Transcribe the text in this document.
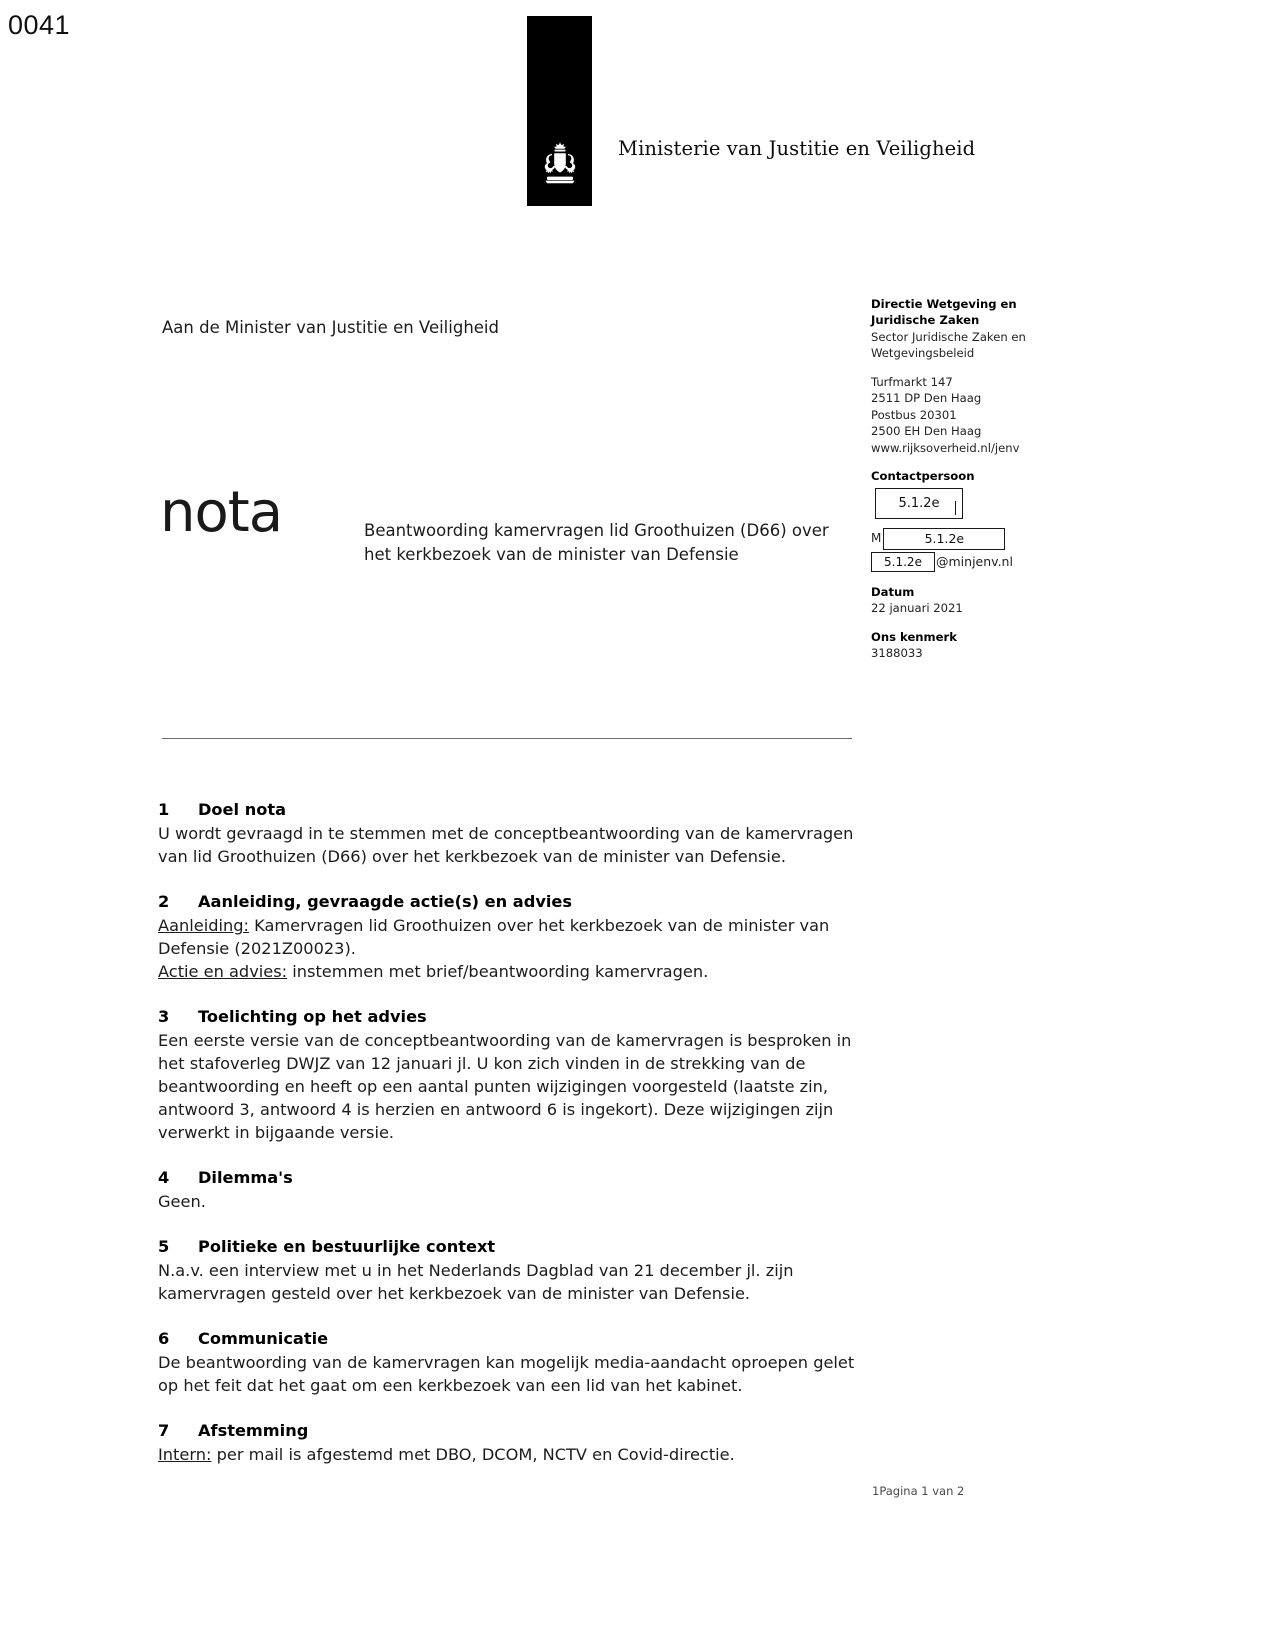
0041
Ministerie van Justitie en Veiligheid
Aan de Minister van Justitie en Veiligheid
nota	Beantwoording kamervragen lid Groothuizen (D66) over het kerkbezoek van de minister van Defensie
Directie Wetgeving en
Juridische Zaken
Sector Juridische Zaken en
Wetgevingsbeleid
Turfmarkt 147
2511 DP Den Haag
Postbus 20301
2500 EH Den Haag
www.rijksoverheid.nl/jenv
Contactpersoon
5.1.2e
M	5.1.2e
5.1.2e	@minjenv.nl
Datum
22 januari 2021
Ons kenmerk
3188033
1	Doel nota

U wordt gevraagd in te stemmen met de conceptbeantwoording van de kamervragen van lid Groothuizen (D66) over het kerkbezoek van de minister van Defensie.

2	Aanleiding, gevraagde actie(s) en advies

Aanleiding: Kamervragen lid Groothuizen over het kerkbezoek van de minister van Defensie (2021Z00023).
Actie en advies: instemmen met brief/beantwoording kamervragen.

3	Toelichting op het advies

Een eerste versie van de conceptbeantwoording van de kamervragen is besproken in het stafoverleg DWJZ van 12 januari jl. U kon zich vinden in de strekking van de beantwoording en heeft op een aantal punten wijzigingen voorgesteld (laatste zin, antwoord 3, antwoord 4 is herzien en antwoord 6 is ingekort). Deze wijzigingen zijn verwerkt in bijgaande versie.

4	Dilemma's

Geen.

5	Politieke en bestuurlijke context

N.a.v. een interview met u in het Nederlands Dagblad van 21 december jl. zijn kamervragen gesteld over het kerkbezoek van de minister van Defensie.

6	Communicatie

De beantwoording van de kamervragen kan mogelijk media-aandacht oproepen gelet op het feit dat het gaat om een kerkbezoek van een lid van het kabinet.

7	Afstemming

Intern: per mail is afgestemd met DBO, DCOM, NCTV en Covid-directie.

1Pagina 1 van 2
